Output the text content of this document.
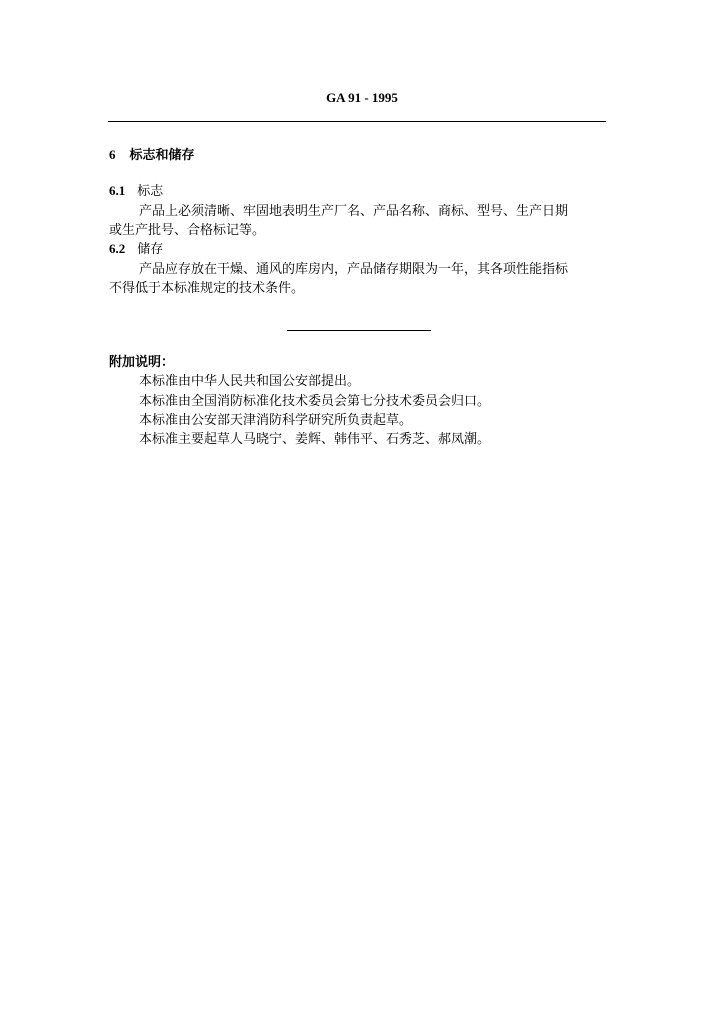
GA 91 - 1995
6 标志和储存
6.1 标志
产品上必须清晰、牢固地表明生产厂名、产品名称、商标、型号、生产日期
或生产批号、合格标记等。
6.2 储存
产品应存放在干燥、通风的库房内，产品储存期限为一年，其各项性能指标
不得低于本标准规定的技术条件。
附加说明：
本标准由中华人民共和国公安部提出。
本标准由全国消防标准化技术委员会第七分技术委员会归口。
本标准由公安部天津消防科学研究所负责起草。
本标准主要起草人马晓宁、姜辉、韩伟平、石秀芝、郝凤潮。
